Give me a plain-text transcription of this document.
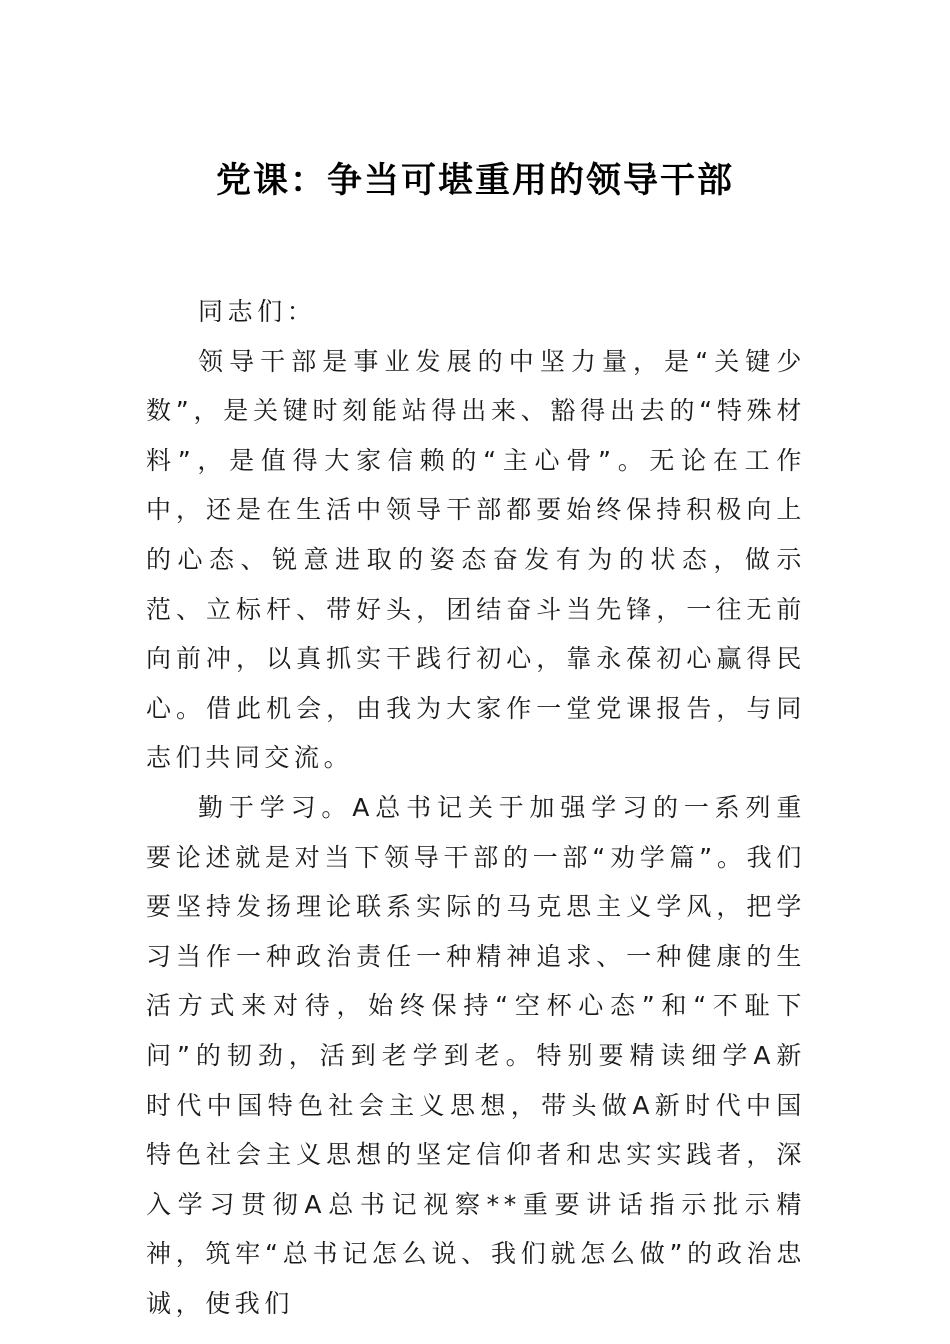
党课：争当可堪重用的领导干部

同志们：

领导干部是事业发展的中坚力量，是“关键少数”，是关键时刻能站得出来、豁得出去的“特殊材料”，是值得大家信赖的“主心骨”。无论在工作中，还是在生活中领导干部都要始终保持积极向上的心态、锐意进取的姿态奋发有为的状态，做示范、立标杆、带好头，团结奋斗当先锋，一往无前向前冲，以真抓实干践行初心，靠永葆初心赢得民心。借此机会，由我为大家作一堂党课报告，与同志们共同交流。

勤于学习。A总书记关于加强学习的一系列重要论述就是对当下领导干部的一部“劝学篇”。我们要坚持发扬理论联系实际的马克思主义学风，把学习当作一种政治责任一种精神追求、一种健康的生活方式来对待，始终保持“空杯心态”和“不耻下问”的韧劲，活到老学到老。特别要精读细学A新时代中国特色社会主义思想，带头做A新时代中国特色社会主义思想的坚定信仰者和忠实实践者，深入学习贯彻A总书记视察**重要讲话指示批示精神，筑牢“总书记怎么说、我们就怎么做”的政治忠诚，使我们
